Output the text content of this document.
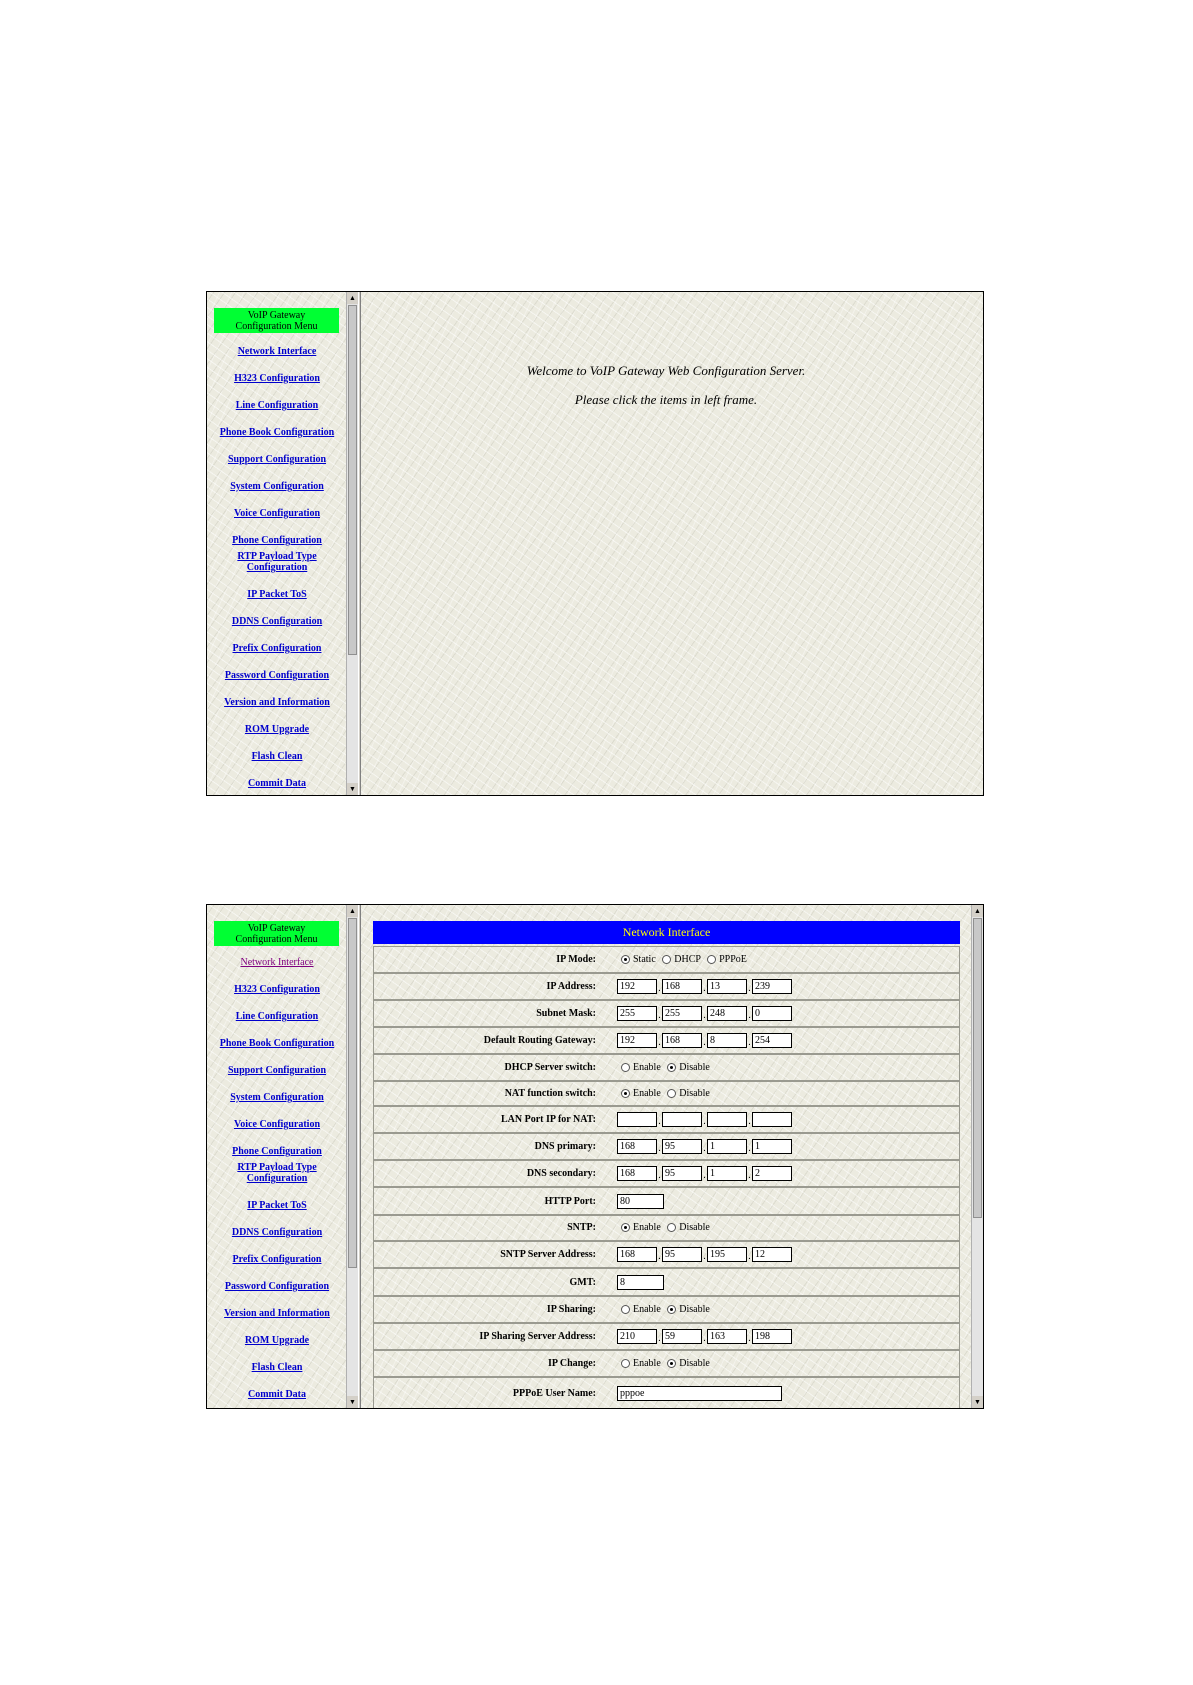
VoIP Gateway
Configuration Menu
Network Interface
H323 Configuration
Line Configuration
Phone Book Configuration
Support Configuration
System Configuration
Voice Configuration
Phone Configuration
RTP Payload Type
Configuration
IP Packet ToS
DDNS Configuration
Prefix Configuration
Password Configuration
Version and Information
ROM Upgrade
Flash Clean
Commit Data
▲
▼
Welcome to VoIP Gateway Web Configuration Server.
Please click the items in left frame.
VoIP Gateway
Configuration Menu
Network Interface
H323 Configuration
Line Configuration
Phone Book Configuration
Support Configuration
System Configuration
Voice Configuration
Phone Configuration
RTP Payload Type
Configuration
IP Packet ToS
DDNS Configuration
Prefix Configuration
Password Configuration
Version and Information
ROM Upgrade
Flash Clean
Commit Data
▲
▼
Network Interface
IP Mode:	Static DHCP PPPoE
IP Address:	192 . 168 . 13	. 239
Subnet Mask:	255 . 255 . 248 . 0
Default Routing Gateway:	192 . 168 . 8	. 254
DHCP Server switch:	Enable Disable
NAT function switch:	Enable Disable
LAN Port IP for NAT:	.	.	.
DNS primary:	168 . 95	. 1	. 1
DNS secondary:	168 . 95	. 1	. 2
HTTP Port:	80
SNTP:	Enable Disable
SNTP Server Address:	168 . 95	. 195 . 12
GMT:	8
IP Sharing:	Enable Disable
IP Sharing Server Address:	210 . 59	. 163 . 198
IP Change:	Enable Disable
PPPoE User Name:	pppoe
▲
▼
